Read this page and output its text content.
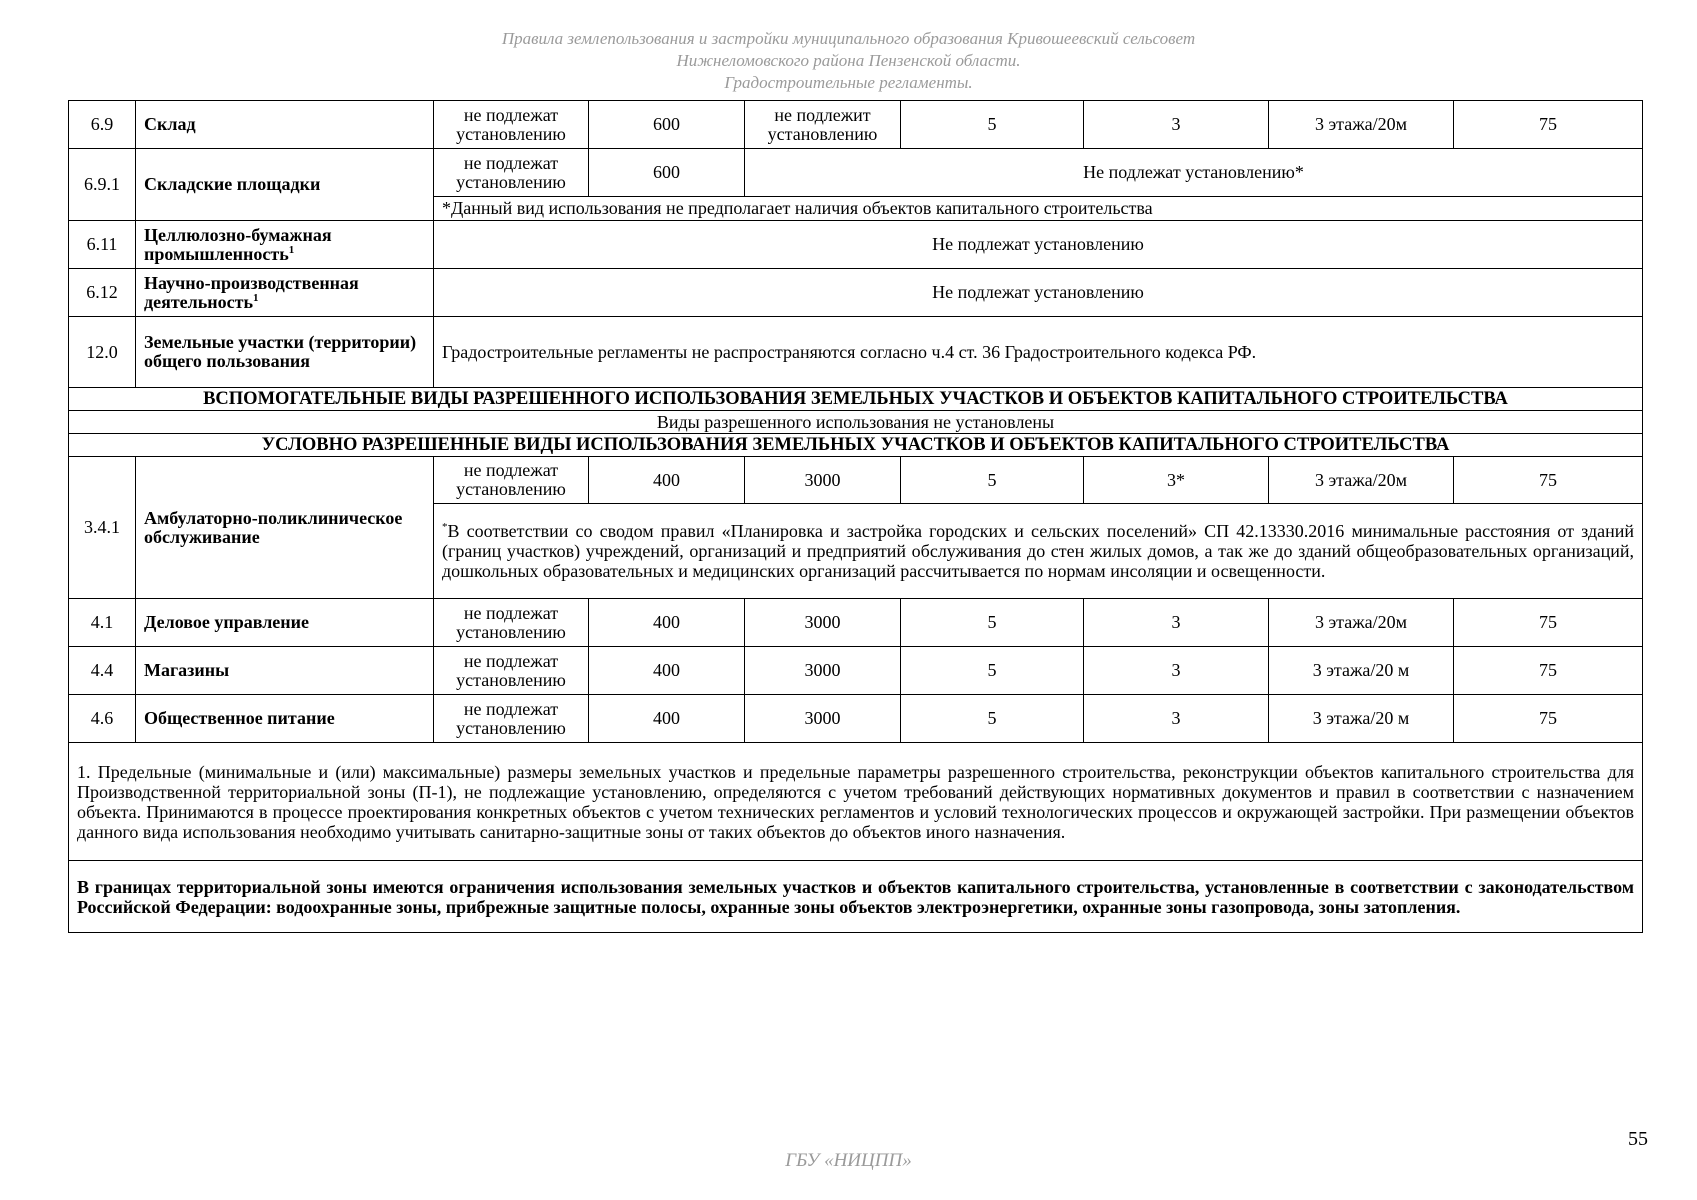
Правила землепользования и застройки муниципального образования Кривошеевский сельсовет
Нижнеломовского района Пензенской области.
Градостроительные регламенты.
6.9	Склад	не подлежат установлению	600	не подлежит установлению	5	3	3 этажа/20м	75
6.9.1	Складские площадки	не подлежат установлению	600	Не подлежат установлению*				
		*Данный вид использования не предполагает наличия объектов капитального строительства						
6.11	Целлюлозно-бумажная промышленность$^1$	Не подлежат установлению						
6.12	Научно-производственная деятельность$^1$	Не подлежат установлению						
12.0	Земельные участки (территории) общего пользования	Градостроительные регламенты не распространяются согласно ч.4 ст. 36 Градостроительного кодекса РФ.						
ВСПОМОГАТЕЛЬНЫЕ ВИДЫ РАЗРЕШЕННОГО ИСПОЛЬЗОВАНИЯ ЗЕМЕЛЬНЫХ УЧАСТКОВ И ОБЪЕКТОВ КАПИТАЛЬНОГО СТРОИТЕЛЬСТВА								
Виды разрешенного использования не установлены								
УСЛОВНО РАЗРЕШЕННЫЕ ВИДЫ ИСПОЛЬЗОВАНИЯ ЗЕМЕЛЬНЫХ УЧАСТКОВ И ОБЪЕКТОВ КАПИТАЛЬНОГО СТРОИТЕЛЬСТВА								
3.4.1	Амбулаторно-поликлиническое обслуживание	не подлежат установлению	400	3000	5	3*	3 этажа/20м	75
		*В соответствии со сводом правил «Планировка и застройка городских и сельских поселений» СП 42.13330.2016 минимальные расстояния от зданий (границ участков) учреждений, организаций и предприятий обслуживания до стен жилых домов, а так же до зданий общеобразовательных организаций, дошкольных образовательных и медицинских организаций рассчитывается по нормам инсоляции и освещенности.						
4.1	Деловое управление	не подлежат установлению	400	3000	5	3	3 этажа/20м	75
4.4	Магазины	не подлежат установлению	400	3000	5	3	3 этажа/20 м	75
4.6	Общественное питание	не подлежат установлению	400	3000	5	3	3 этажа/20 м	75
1. Предельные (минимальные и (или) максимальные) размеры земельных участков и предельные параметры разрешенного строительства, реконструкции объектов капитального строительства для Производственной территориальной зоны (П-1), не подлежащие установлению, определяются с учетом требований действующих нормативных документов и правил в соответствии с назначением объекта. Принимаются в процессе проектирования конкретных объектов с учетом технических регламентов и условий технологических процессов и окружающей застройки. При размещении объектов данного вида использования необходимо учитывать санитарно-защитные зоны от таких объектов до объектов иного назначения.								
В границах территориальной зоны имеются ограничения использования земельных участков и объектов капитального строительства, установленные в соответствии с законодательством Российской Федерации: водоохранные зоны, прибрежные защитные полосы, охранные зоны объектов электроэнергетики, охранные зоны газопровода, зоны затопления.								
55
ГБУ «НИЦПП»
